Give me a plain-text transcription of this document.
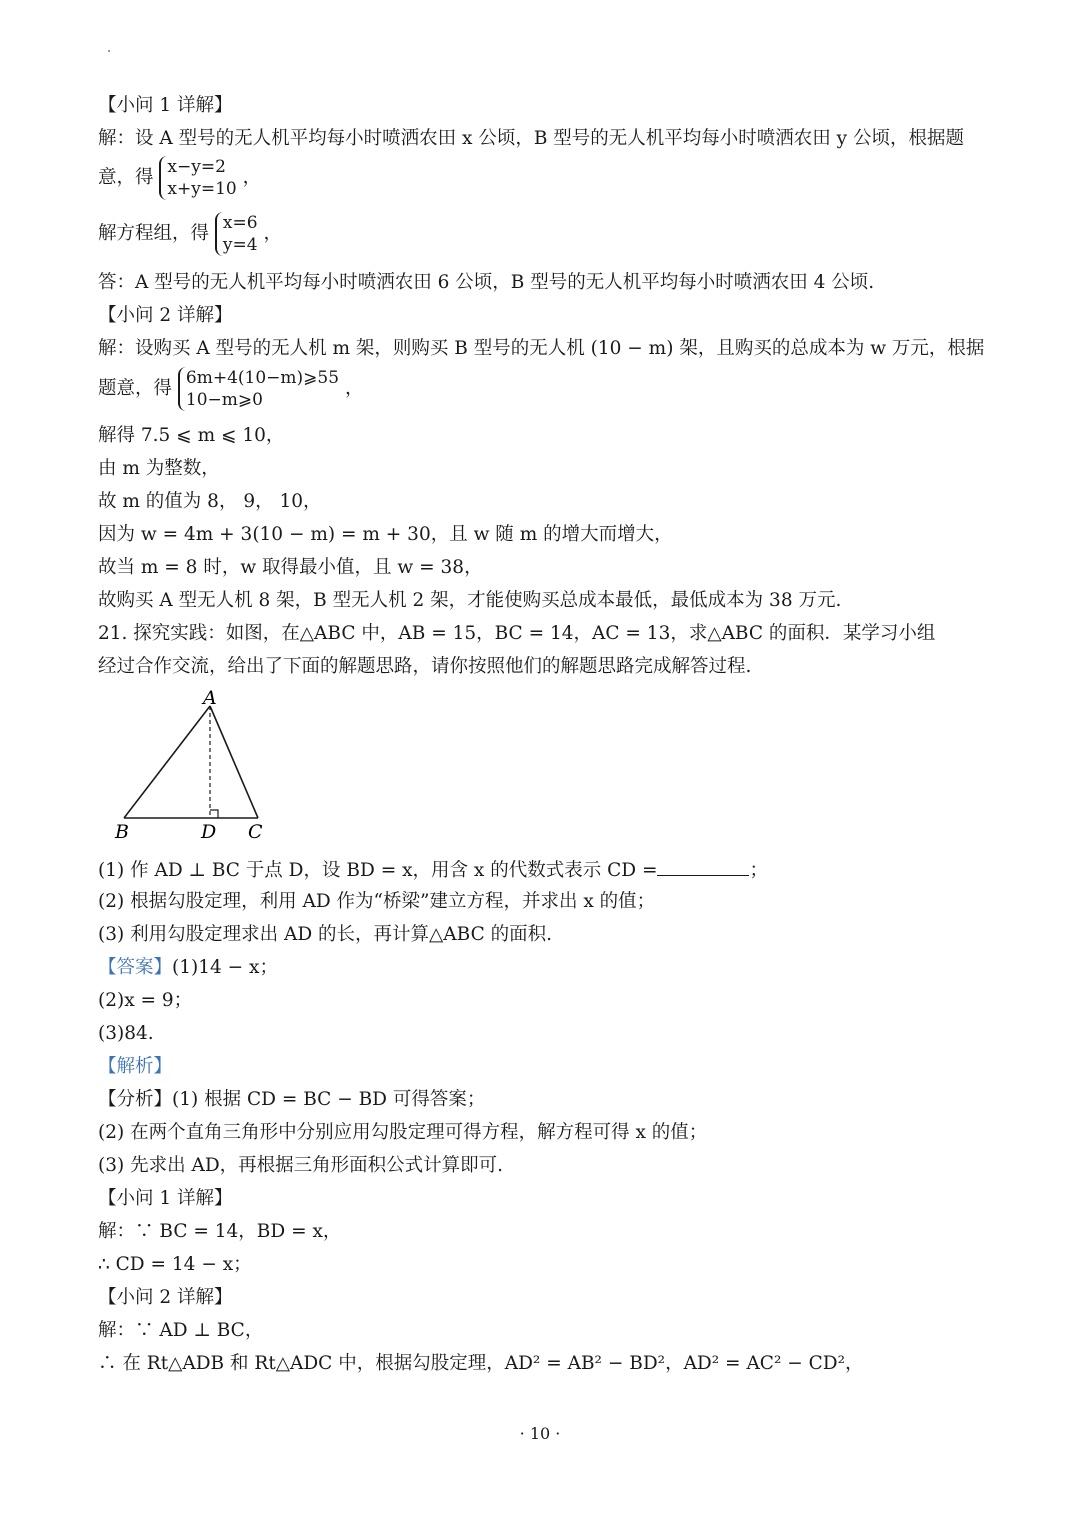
【小问 1 详解】
解：设 A 型号的无人机平均每小时喷洒农田 x 公顷，B 型号的无人机平均每小时喷洒农田 y 公顷，根据题
意，得 x−y=2
x+y=10
，
解方程组，得 x=6
y=4
，
答：A 型号的无人机平均每小时喷洒农田 6 公顷，B 型号的无人机平均每小时喷洒农田 4 公顷.
【小问 2 详解】
解：设购买 A 型号的无人机 m 架，则购买 B 型号的无人机 (10 − m) 架，且购买的总成本为 w 万元，根据
题意，得 6m+4(10−m)⩾55
10−m⩾0
，
解得 7.5 ⩽ m ⩽ 10，
由 m 为整数，
故 m 的值为 8， 9， 10，
因为 w = 4m + 3(10 − m) = m + 30，且 w 随 m 的增大而增大，
故当 m = 8 时，w 取得最小值，且 w = 38，
故购买 A 型无人机 8 架，B 型无人机 2 架，才能使购买总成本最低，最低成本为 38 万元.
21. 探究实践：如图，在△ABC 中，AB = 15，BC = 14，AC = 13，求△ABC 的面积．某学习小组
经过合作交流，给出了下面的解题思路，请你按照他们的解题思路完成解答过程.
A
B	D C
(1) 作 AD ⊥ BC 于点 D，设 BD = x，用含 x 的代数式表示 CD =	；
(2) 根据勾股定理，利用 AD 作为“桥梁”建立方程，并求出 x 的值；
(3) 利用勾股定理求出 AD 的长，再计算△ABC 的面积.
【答案】(1)14 − x；
(2)x = 9；
(3)84.
【解析】
【分析】(1) 根据 CD = BC − BD 可得答案；
(2) 在两个直角三角形中分别应用勾股定理可得方程，解方程可得 x 的值；
(3) 先求出 AD，再根据三角形面积公式计算即可.
【小问 1 详解】
解：∵ BC = 14，BD = x，
∴ CD = 14 − x；
【小问 2 详解】
解：∵ AD ⊥ BC，
∴ 在 Rt△ADB 和 Rt△ADC 中，根据勾股定理，AD² = AB² − BD²，AD² = AC² − CD²，
· 10 ·
